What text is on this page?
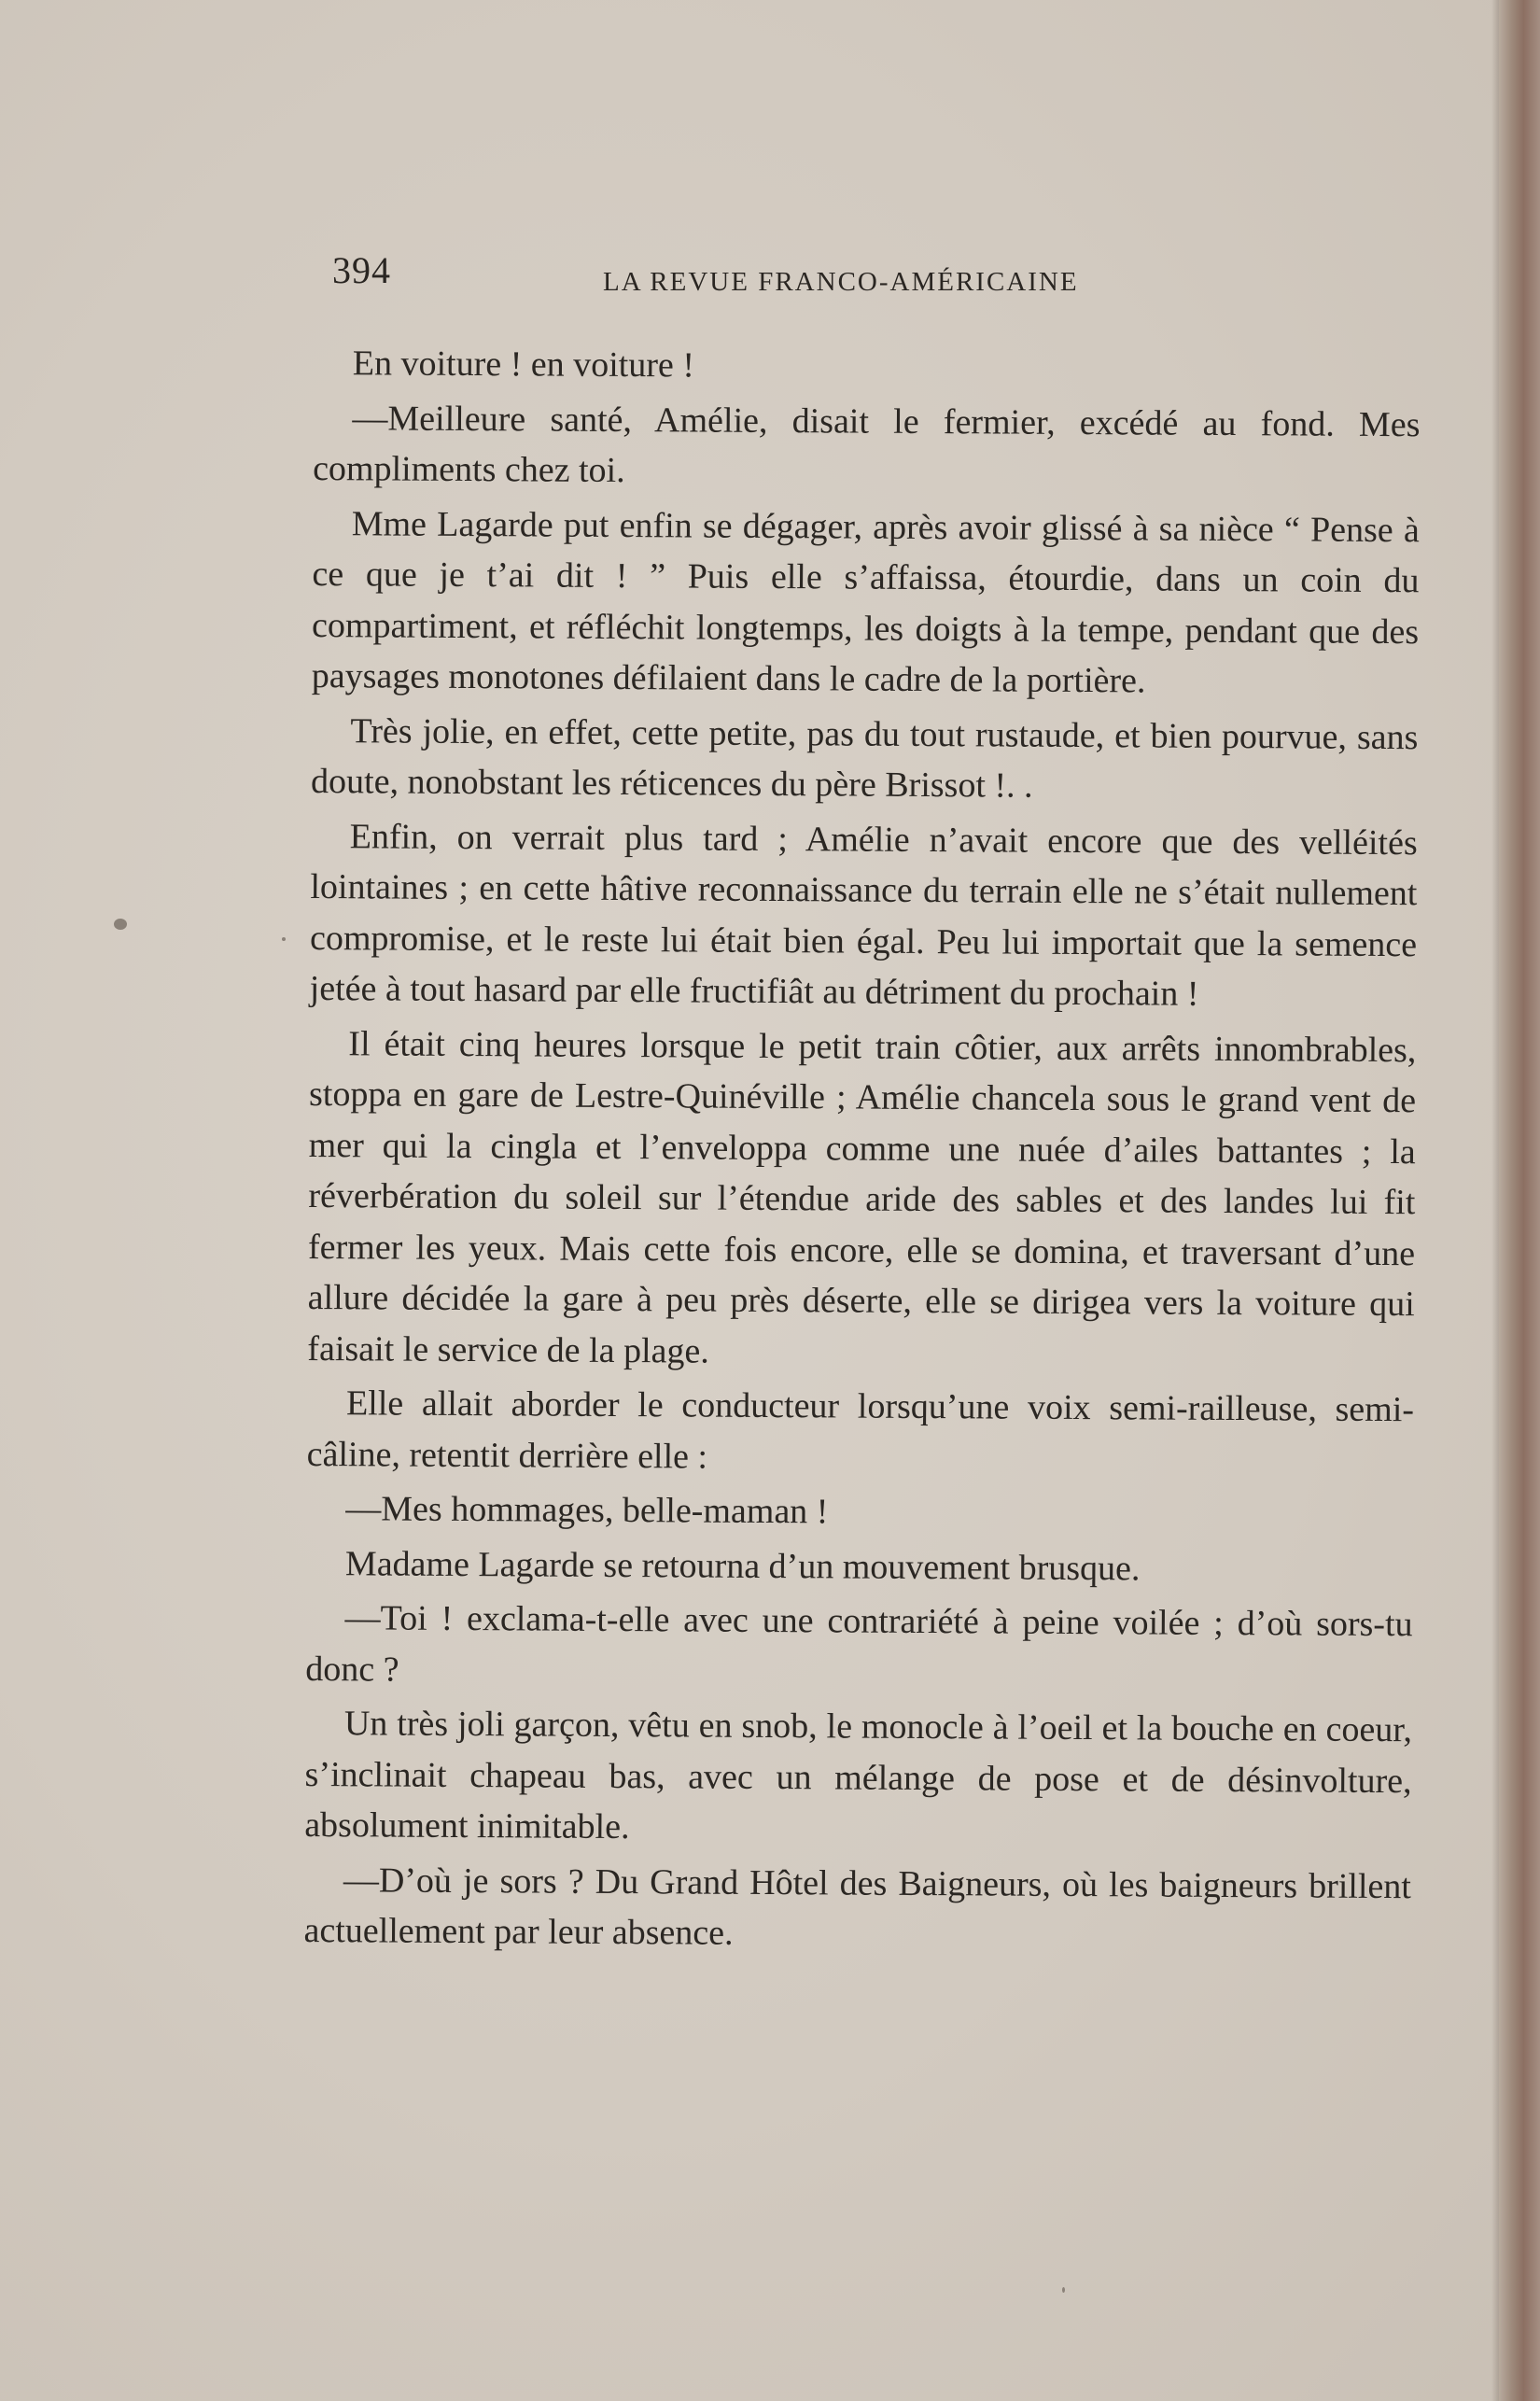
394	LA REVUE FRANCO-AMÉRICAINE

En voiture ! en voiture !

—Meilleure santé, Amélie, disait le fermier, excédé au fond. Mes compliments chez toi.

Mme Lagarde put enfin se dégager, après avoir glissé à sa nièce “ Pense à ce que je t’ai dit ! ” Puis elle s’affaissa, étourdie, dans un coin du compartiment, et réfléchit longtemps, les doigts à la tempe, pendant que des paysages monotones défilaient dans le cadre de la portière.

Très jolie, en effet, cette petite, pas du tout rustaude, et bien pourvue, sans doute, nonobstant les réticences du père Brissot !. .

Enfin, on verrait plus tard ; Amélie n’avait encore que des velléités lointaines ; en cette hâtive reconnaissance du terrain elle ne s’était nullement compromise, et le reste lui était bien égal. Peu lui importait que la semence jetée à tout hasard par elle fructifiât au détriment du prochain !

Il était cinq heures lorsque le petit train côtier, aux arrêts innombrables, stoppa en gare de Lestre-Quinéville ; Amélie chancela sous le grand vent de mer qui la cingla et l’enveloppa comme une nuée d’ailes battantes ; la réverbération du soleil sur l’étendue aride des sables et des landes lui fit fermer les yeux. Mais cette fois encore, elle se domina, et traversant d’une allure décidée la gare à peu près déserte, elle se dirigea vers la voiture qui faisait le service de la plage.

Elle allait aborder le conducteur lorsqu’une voix semi-railleuse, semi-câline, retentit derrière elle :

—Mes hommages, belle-maman !

Madame Lagarde se retourna d’un mouvement brusque.

—Toi ! exclama-t-elle avec une contrariété à peine voilée ; d’où sors-tu donc ?

Un très joli garçon, vêtu en snob, le monocle à l’oeil et la bouche en coeur, s’inclinait chapeau bas, avec un mélange de pose et de désinvolture, absolument inimitable.

—D’où je sors ? Du Grand Hôtel des Baigneurs, où les baigneurs brillent actuellement par leur absence.
